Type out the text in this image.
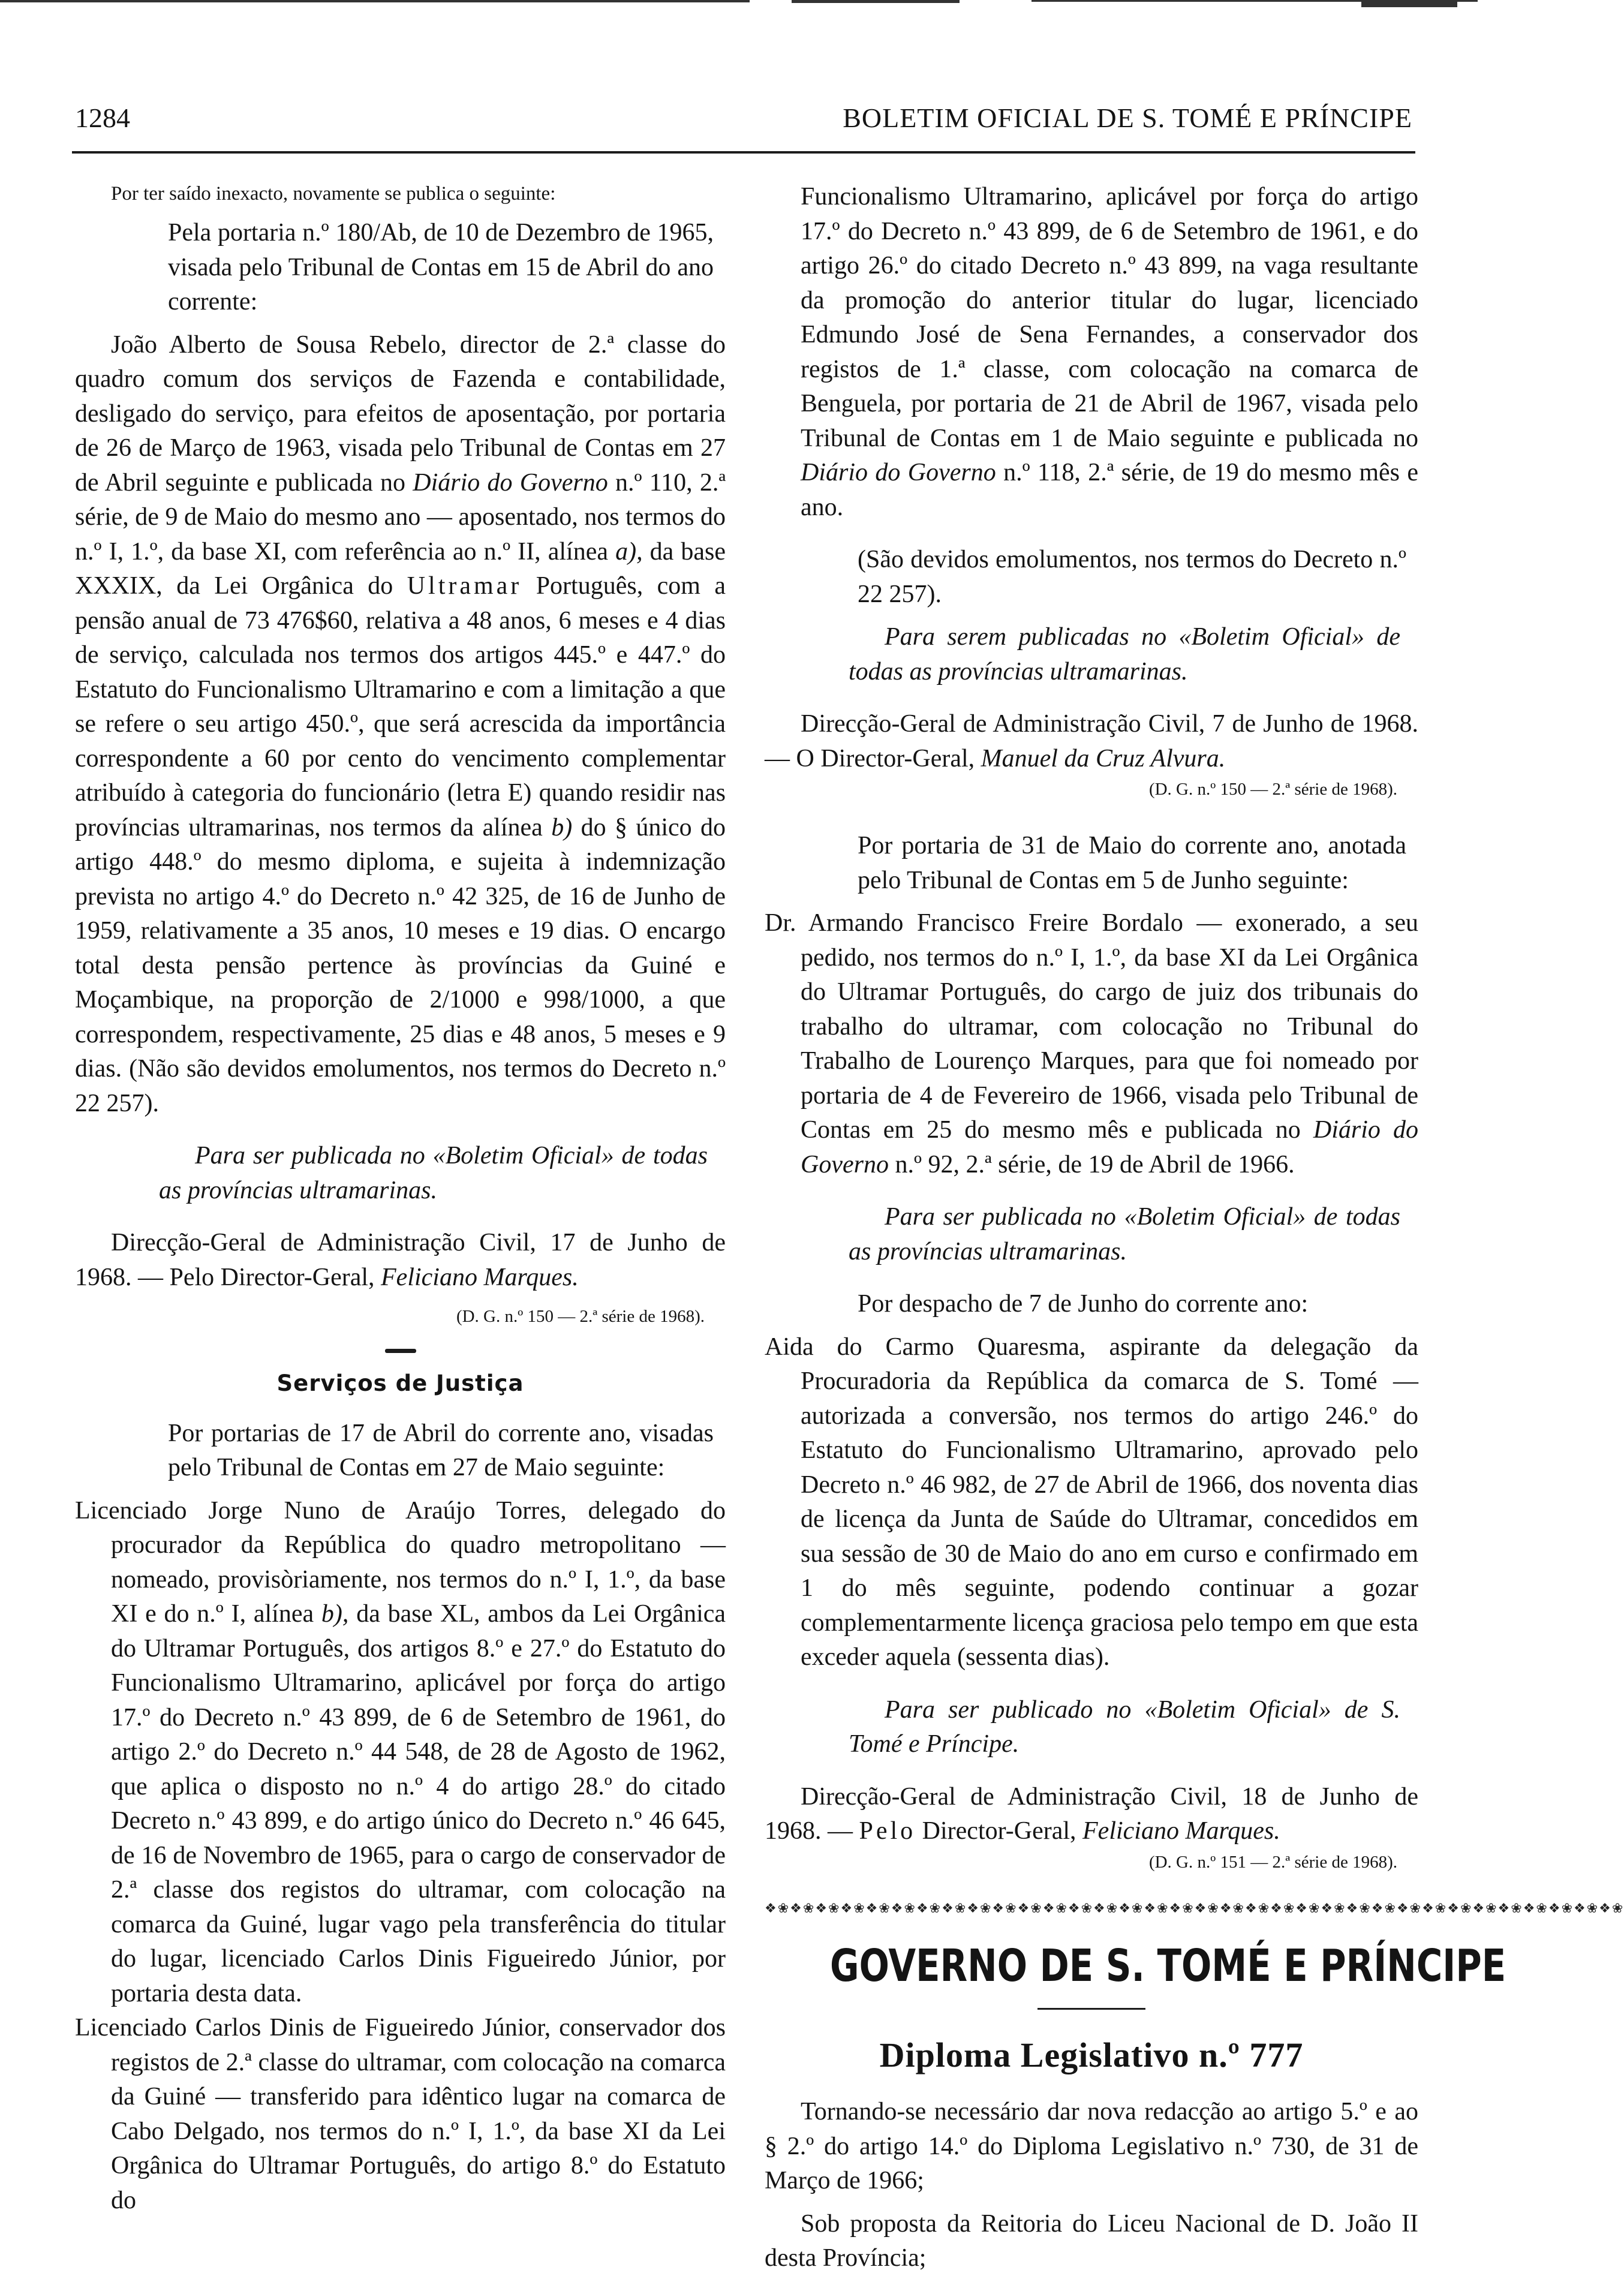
1284	BOLETIM OFICIAL DE S. TOMÉ E PRÍNCIPE

Por ter saído inexacto, novamente se publica o seguinte:

Pela portaria n.º 180/Ab, de 10 de Dezembro de 1965, visada pelo Tribunal de Contas em 15 de Abril do ano corrente:

João Alberto de Sousa Rebelo, director de 2.ª classe do quadro comum dos serviços de Fazenda e contabilidade, desligado do serviço, para efeitos de aposentação, por portaria de 26 de Março de 1963, visada pelo Tribunal de Contas em 27 de Abril seguinte e publicada no Diário do Governo n.º 110, 2.ª série, de 9 de Maio do mesmo ano — aposentado, nos termos do n.º I, 1.º, da base XI, com referência ao n.º II, alínea a), da base XXXIX, da Lei Orgânica do Ultramar Português, com a pensão anual de 73 476$60, relativa a 48 anos, 6 meses e 4 dias de serviço, calculada nos termos dos artigos 445.º e 447.º do Estatuto do Funcionalismo Ultramarino e com a limitação a que se refere o seu artigo 450.º, que será acrescida da importância correspondente a 60 por cento do vencimento complementar atribuído à categoria do funcionário (letra E) quando residir nas províncias ultramarinas, nos termos da alínea b) do § único do artigo 448.º do mesmo diploma, e sujeita à indemnização prevista no artigo 4.º do Decreto n.º 42 325, de 16 de Junho de 1959, relativamente a 35 anos, 10 meses e 19 dias. O encargo total desta pensão pertence às províncias da Guiné e Moçambique, na proporção de 2/1000 e 998/1000, a que correspondem, respectivamente, 25 dias e 48 anos, 5 meses e 9 dias. (Não são devidos emolumentos, nos termos do Decreto n.º 22 257).

Para ser publicada no «Boletim Oficial» de todas as províncias ultramarinas.

Direcção-Geral de Administração Civil, 17 de Junho de 1968. — Pelo Director-Geral, Feliciano Marques.

(D. G. n.º 150 — 2.ª série de 1968).

Serviços de Justiça

Por portarias de 17 de Abril do corrente ano, visadas pelo Tribunal de Contas em 27 de Maio seguinte:

Licenciado Jorge Nuno de Araújo Torres, delegado do procurador da República do quadro metropolitano — nomeado, provisòriamente, nos termos do n.º I, 1.º, da base XI e do n.º I, alínea b), da base XL, ambos da Lei Orgânica do Ultramar Português, dos artigos 8.º e 27.º do Estatuto do Funcionalismo Ultramarino, aplicável por força do artigo 17.º do Decreto n.º 43 899, de 6 de Setembro de 1961, do artigo 2.º do Decreto n.º 44 548, de 28 de Agosto de 1962, que aplica o disposto no n.º 4 do artigo 28.º do citado Decreto n.º 43 899, e do artigo único do Decreto n.º 46 645, de 16 de Novembro de 1965, para o cargo de conservador de 2.ª classe dos registos do ultramar, com colocação na comarca da Guiné, lugar vago pela transferência do titular do lugar, licenciado Carlos Dinis Figueiredo Júnior, por portaria desta data.

Licenciado Carlos Dinis de Figueiredo Júnior, conservador dos registos de 2.ª classe do ultramar, com colocação na comarca da Guiné — transferido para idêntico lugar na comarca de Cabo Delgado, nos termos do n.º I, 1.º, da base XI da Lei Orgânica do Ultramar Português, do artigo 8.º do Estatuto do

Funcionalismo Ultramarino, aplicável por força do artigo 17.º do Decreto n.º 43 899, de 6 de Setembro de 1961, e do artigo 26.º do citado Decreto n.º 43 899, na vaga resultante da promoção do anterior titular do lugar, licenciado Edmundo José de Sena Fernandes, a conservador dos registos de 1.ª classe, com colocação na comarca de Benguela, por portaria de 21 de Abril de 1967, visada pelo Tribunal de Contas em 1 de Maio seguinte e publicada no Diário do Governo n.º 118, 2.ª série, de 19 do mesmo mês e ano.

(São devidos emolumentos, nos termos do Decreto n.º 22 257).

Para serem publicadas no «Boletim Oficial» de todas as províncias ultramarinas.

Direcção-Geral de Administração Civil, 7 de Junho de 1968. — O Director-Geral, Manuel da Cruz Alvura.

(D. G. n.º 150 — 2.ª série de 1968).

Por portaria de 31 de Maio do corrente ano, anotada pelo Tribunal de Contas em 5 de Junho seguinte:

Dr. Armando Francisco Freire Bordalo — exonerado, a seu pedido, nos termos do n.º I, 1.º, da base XI da Lei Orgânica do Ultramar Português, do cargo de juiz dos tribunais do trabalho do ultramar, com colocação no Tribunal do Trabalho de Lourenço Marques, para que foi nomeado por portaria de 4 de Fevereiro de 1966, visada pelo Tribunal de Contas em 25 do mesmo mês e publicada no Diário do Governo n.º 92, 2.ª série, de 19 de Abril de 1966.

Para ser publicada no «Boletim Oficial» de todas as províncias ultramarinas.

Por despacho de 7 de Junho do corrente ano:

Aida do Carmo Quaresma, aspirante da delegação da Procuradoria da República da comarca de S. Tomé — autorizada a conversão, nos termos do artigo 246.º do Estatuto do Funcionalismo Ultramarino, aprovado pelo Decreto n.º 46 982, de 27 de Abril de 1966, dos noventa dias de licença da Junta de Saúde do Ultramar, concedidos em sua sessão de 30 de Maio do ano em curso e confirmado em 1 do mês seguinte, podendo continuar a gozar complementarmente licença graciosa pelo tempo em que esta exceder aquela (sessenta dias).

Para ser publicado no «Boletim Oficial» de S. Tomé e Príncipe.

Direcção-Geral de Administração Civil, 18 de Junho de 1968. — Pelo Director-Geral, Feliciano Marques.

(D. G. n.º 151 — 2.ª série de 1968).

❖❀❖❀❖❀❖❀❖❀❖❀❖❀❖❀❖❀❖❀❖❀❖❀❖❀❖❀❖❀❖❀❖❀❖❀❖❀❖❀❖❀❖❀❖❀❖❀❖❀❖❀❖❀❖❀❖❀❖❀❖❀❖❀❖❀❖❀
GOVERNO DE S. TOMÉ E PRÍNCIPE
Diploma Legislativo n.º 777

Tornando-se necessário dar nova redacção ao artigo 5.º e ao § 2.º do artigo 14.º do Diploma Legislativo n.º 730, de 31 de Março de 1966;

Sob proposta da Reitoria do Liceu Nacional de D. João II desta Província;
